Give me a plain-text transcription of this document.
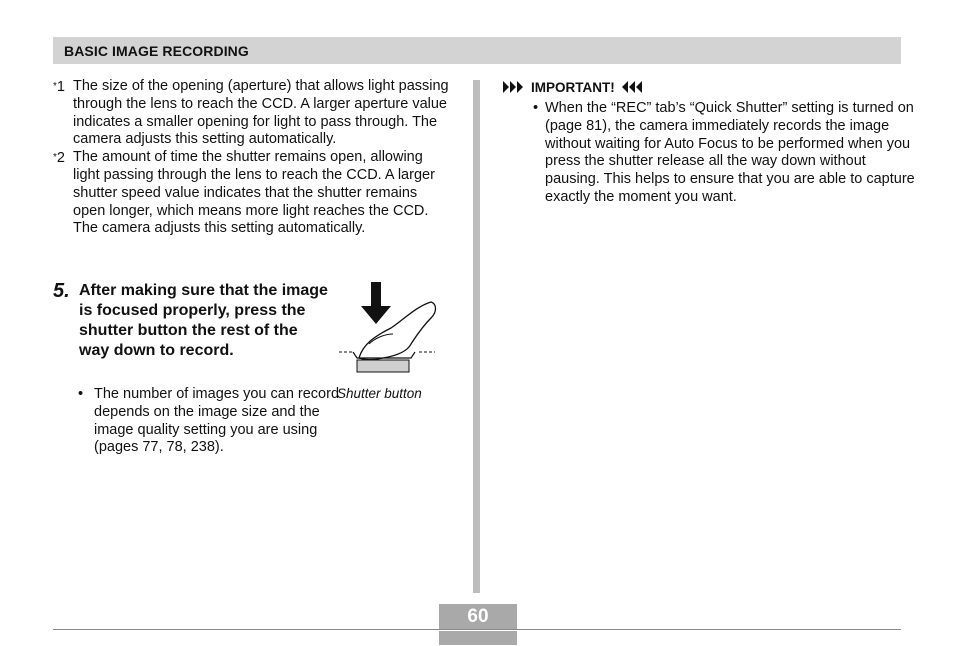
BASIC IMAGE RECORDING

*1 The size of the opening (aperture) that allows light passing through the lens to reach the CCD. A larger aperture value indicates a smaller opening for light to pass through. The camera adjusts this setting automatically.

*2 The amount of time the shutter remains open, allowing light passing through the lens to reach the CCD. A larger shutter speed value indicates that the shutter remains open longer, which means more light reaches the CCD. The camera adjusts this setting automatically.

5. After making sure that the image is focused properly, press the shutter button the rest of the way down to record.
• The number of images you can record depends on the image size and the image quality setting you are using
(pages 77, 78, 238).
Shutter button
IMPORTANT!
• When the “REC” tab’s “Quick Shutter” setting is turned on (page 81), the camera immediately records the image without waiting for Auto Focus to be performed when you press the shutter release all the way down without pausing. This helps to ensure that you are able to capture exactly the moment you want.
60
